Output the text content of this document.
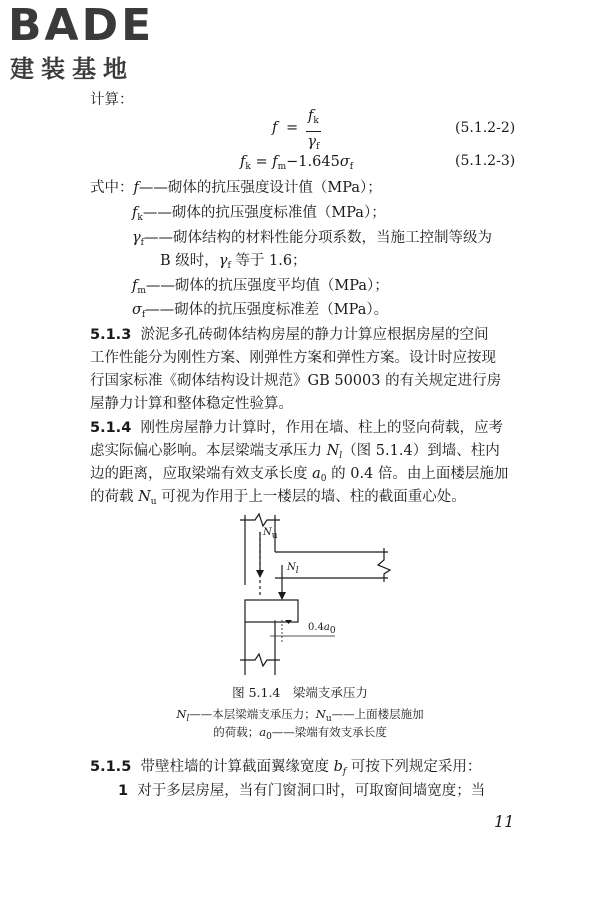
BADE
建装基地
计算：
$f = \frac{f_k}{\gamma_f}$	(5.1.2-2)
$f_k = f_m-1.645\sigma_f$	(5.1.2-3)
式中：f——砌体的抗压强度设计值（MPa）；
$f_k——$砌体的抗压强度标准值（MPa）；
$\gamma_f——$砌体结构的材料性能分项系数，当施工控制等级为
B 级时，$\gamma_f$ 等于 1.6；
$f_m——$砌体的抗压强度平均值（MPa）；
$\sigma_f——$砌体的抗压强度标准差（MPa）。
5.1.3 淤泥多孔砖砌体结构房屋的静力计算应根据房屋的空间
工作性能分为刚性方案、刚弹性方案和弹性方案。设计时应按现
行国家标准《砌体结构设计规范》GB 50003 的有关规定进行房
屋静力计算和整体稳定性验算。
5.1.4 刚性房屋静力计算时，作用在墙、柱上的竖向荷载，应考
虑实际偏心影响。本层梁端支承压力 $N_l$（图 5.1.4）到墙、柱内
边的距离，应取梁端有效支承长度 $a_0$ 的 0.4 倍。由上面楼层施加
的荷载 $N_u$ 可视为作用于上一楼层的墙、柱的截面重心处。
Nu
Nl
0.4a0
图 5.1.4　梁端支承压力
$N_l——$本层梁端支承压力；$N_u——$上面楼层施加
的荷载；$a_0——$梁端有效支承长度
5.1.5 带壁柱墙的计算截面翼缘宽度 $b_f$ 可按下列规定采用：
1 对于多层房屋，当有门窗洞口时，可取窗间墙宽度；当
11
